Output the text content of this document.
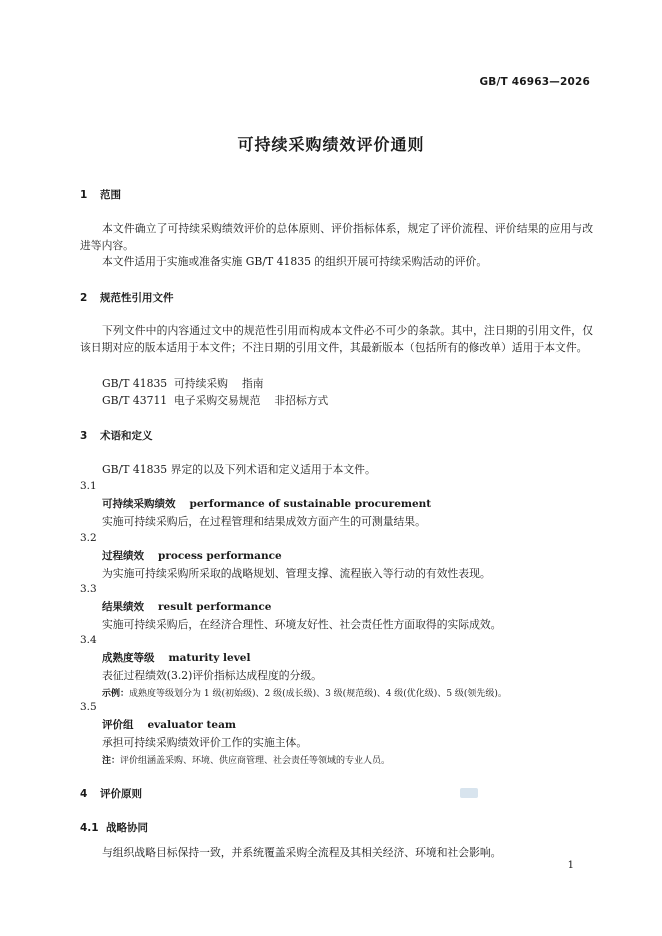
GB/T 46963—2026
可持续采购绩效评价通则
1 范围

本文件确立了可持续采购绩效评价的总体原则、评价指标体系，规定了评价流程、评价结果的应用与改进等内容。

本文件适用于实施或准备实施 GB/T 41835 的组织开展可持续采购活动的评价。

2 规范性引用文件

下列文件中的内容通过文中的规范性引用而构成本文件必不可少的条款。其中，注日期的引用文件，仅该日期对应的版本适用于本文件；不注日期的引用文件，其最新版本（包括所有的修改单）适用于本文件。

GB/T 41835 可持续采购 指南
GB/T 43711 电子采购交易规范 非招标方式
3 术语和定义
GB/T 41835 界定的以及下列术语和定义适用于本文件。
3.1
可持续采购绩效 performance of sustainable procurement
实施可持续采购后，在过程管理和结果成效方面产生的可测量结果。
3.2
过程绩效 process performance
为实施可持续采购所采取的战略规划、管理支撑、流程嵌入等行动的有效性表现。
3.3
结果绩效 result performance
实施可持续采购后，在经济合理性、环境友好性、社会责任性方面取得的实际成效。
3.4
成熟度等级 maturity level
表征过程绩效(3.2)评价指标达成程度的分级。
示例：成熟度等级划分为 1 级(初始级)、2 级(成长级)、3 级(规范级)、4 级(优化级)、5 级(领先级)。
3.5
评价组 evaluator team
承担可持续采购绩效评价工作的实施主体。
注：评价组涵盖采购、环境、供应商管理、社会责任等领域的专业人员。
4 评价原则
4.1 战略协同
与组织战略目标保持一致，并系统覆盖采购全流程及其相关经济、环境和社会影响。
1
